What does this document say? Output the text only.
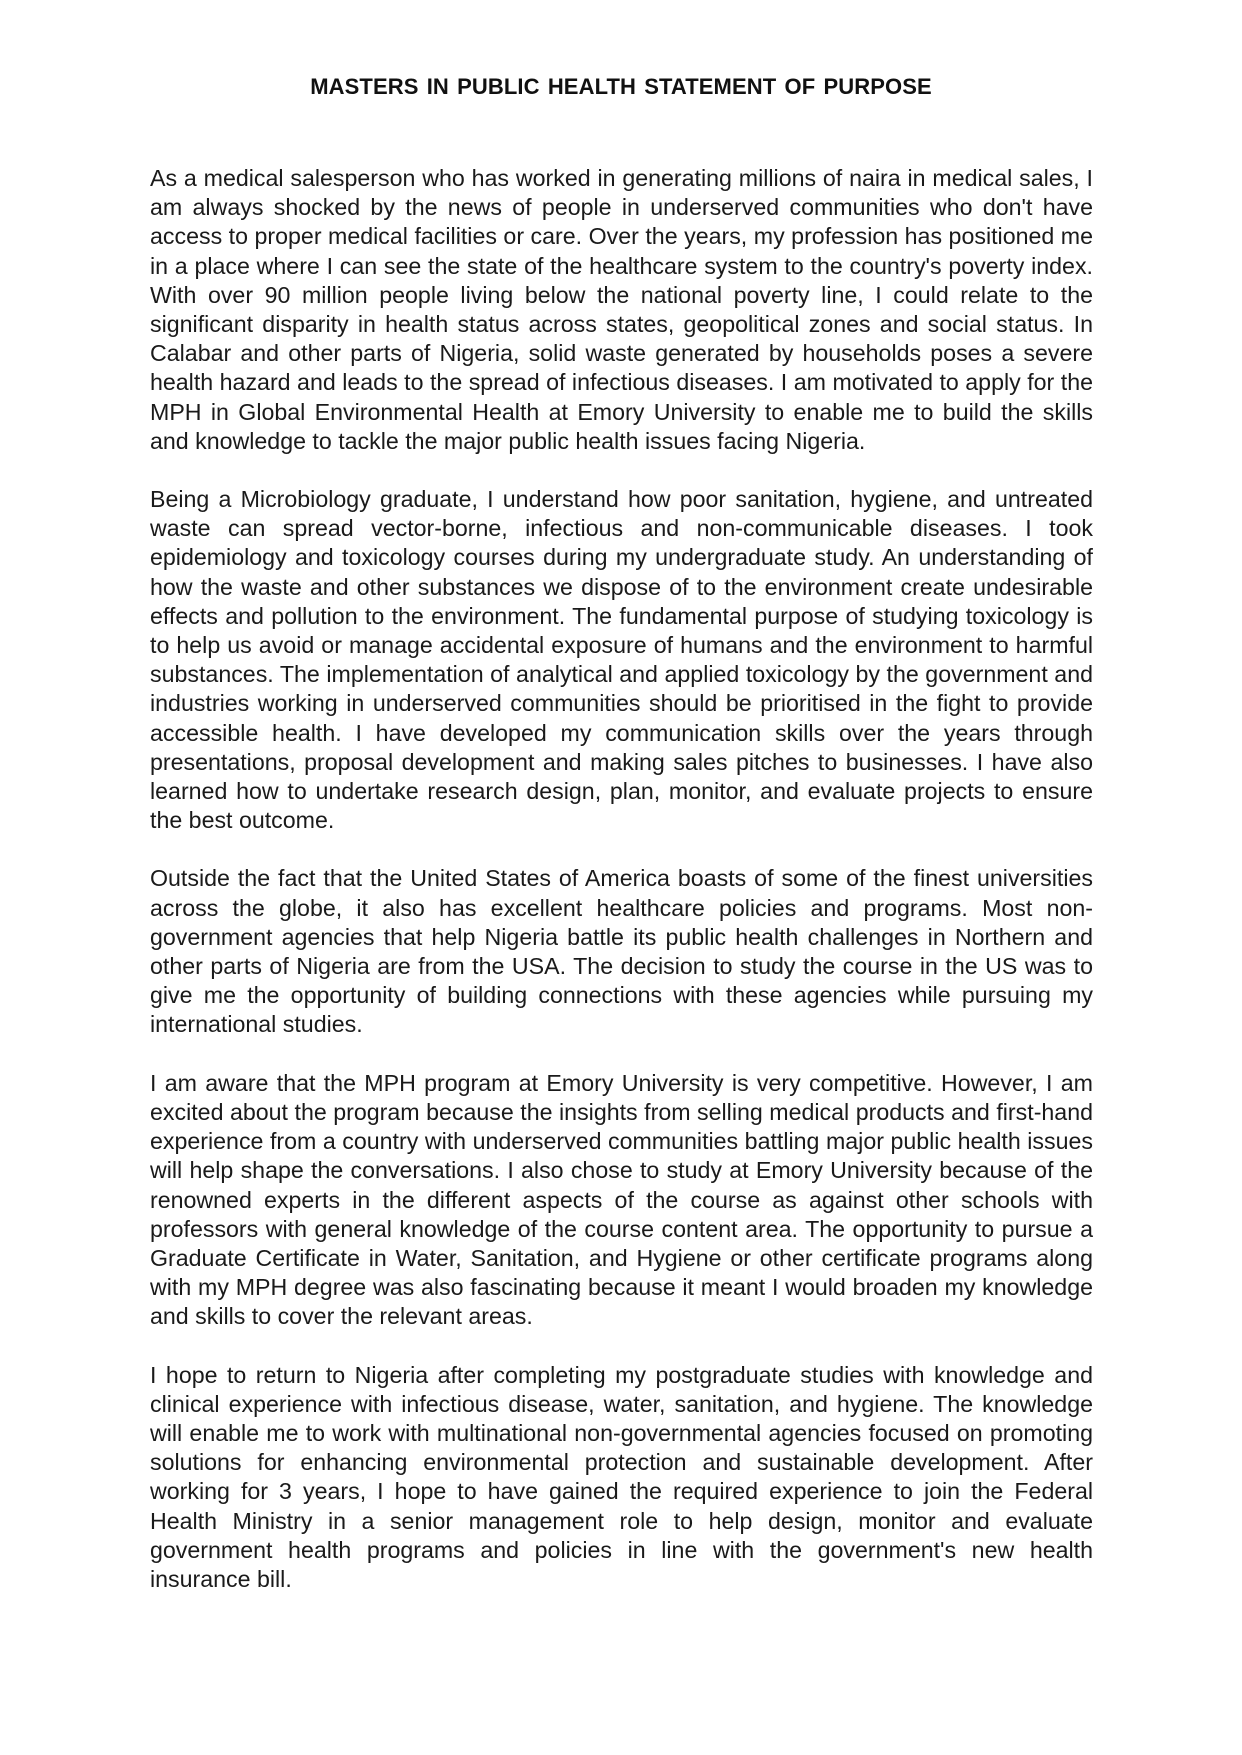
MASTERS IN PUBLIC HEALTH STATEMENT OF PURPOSE

As a medical salesperson who has worked in generating millions of naira in medical sales, I am always shocked by the news of people in underserved communities who don't have access to proper medical facilities or care. Over the years, my profession has positioned me in a place where I can see the state of the healthcare system to the country's poverty index. With over 90 million people living below the national poverty line, I could relate to the significant disparity in health status across states, geopolitical zones and social status. In Calabar and other parts of Nigeria, solid waste generated by households poses a severe health hazard and leads to the spread of infectious diseases. I am motivated to apply for the MPH in Global Environmental Health at Emory University to enable me to build the skills and knowledge to tackle the major public health issues facing Nigeria.

Being a Microbiology graduate, I understand how poor sanitation, hygiene, and untreated waste can spread vector-borne, infectious and non-communicable diseases. I took epidemiology and toxicology courses during my undergraduate study. An understanding of how the waste and other substances we dispose of to the environment create undesirable effects and pollution to the environment. The fundamental purpose of studying toxicology is to help us avoid or manage accidental exposure of humans and the environment to harmful substances. The implementation of analytical and applied toxicology by the government and industries working in underserved communities should be prioritised in the fight to provide accessible health. I have developed my communication skills over the years through presentations, proposal development and making sales pitches to businesses. I have also learned how to undertake research design, plan, monitor, and evaluate projects to ensure the best outcome.

Outside the fact that the United States of America boasts of some of the finest universities across the globe, it also has excellent healthcare policies and programs. Most non-government agencies that help Nigeria battle its public health challenges in Northern and other parts of Nigeria are from the USA. The decision to study the course in the US was to give me the opportunity of building connections with these agencies while pursuing my international studies.

I am aware that the MPH program at Emory University is very competitive. However, I am excited about the program because the insights from selling medical products and first-hand experience from a country with underserved communities battling major public health issues will help shape the conversations. I also chose to study at Emory University because of the renowned experts in the different aspects of the course as against other schools with professors with general knowledge of the course content area. The opportunity to pursue a Graduate Certificate in Water, Sanitation, and Hygiene or other certificate programs along with my MPH degree was also fascinating because it meant I would broaden my knowledge and skills to cover the relevant areas.

I hope to return to Nigeria after completing my postgraduate studies with knowledge and clinical experience with infectious disease, water, sanitation, and hygiene. The knowledge will enable me to work with multinational non-governmental agencies focused on promoting solutions for enhancing environmental protection and sustainable development. After working for 3 years, I hope to have gained the required experience to join the Federal Health Ministry in a senior management role to help design, monitor and evaluate government health programs and policies in line with the government's new health insurance bill.
